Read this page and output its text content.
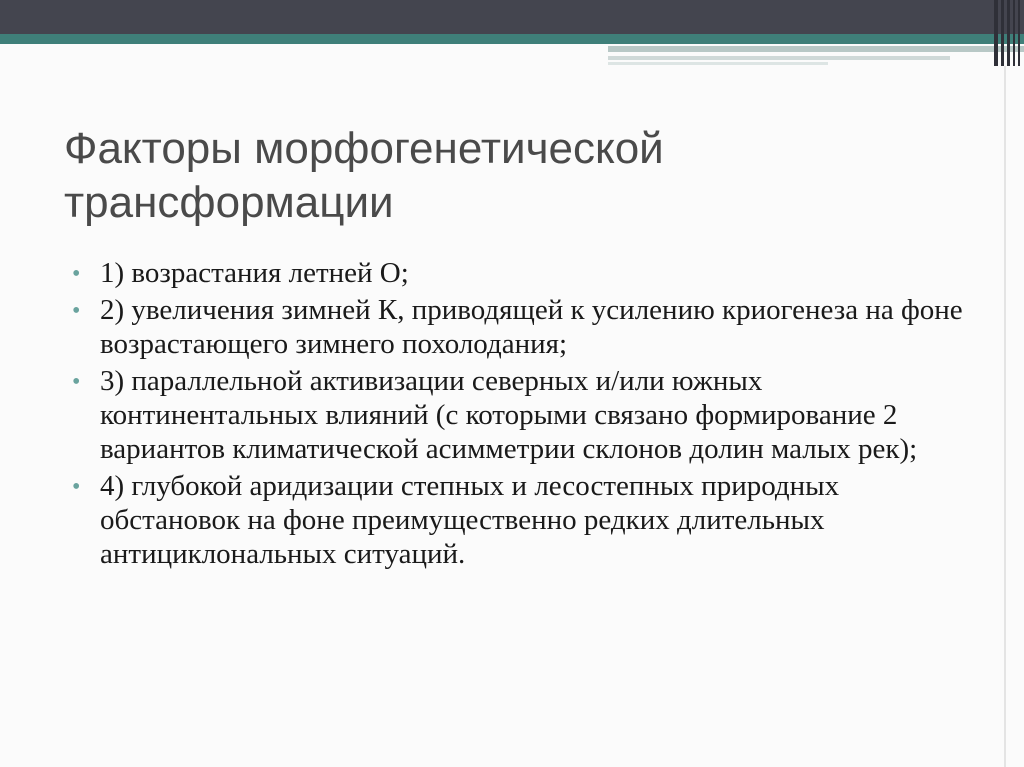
Факторы морфогенетической трансформации
• 1) возрастания летней О;
• 2) увеличения зимней К, приводящей к усилению криогенеза на фоне возрастающего зимнего похолодания;
• 3) параллельной активизации северных и/или южных континентальных влияний (с которыми связано формирование 2 вариантов климатической асимметрии склонов долин малых рек);
• 4) глубокой аридизации степных и лесостепных природных обстановок на фоне преимущественно редких длительных антициклональных ситуаций.
